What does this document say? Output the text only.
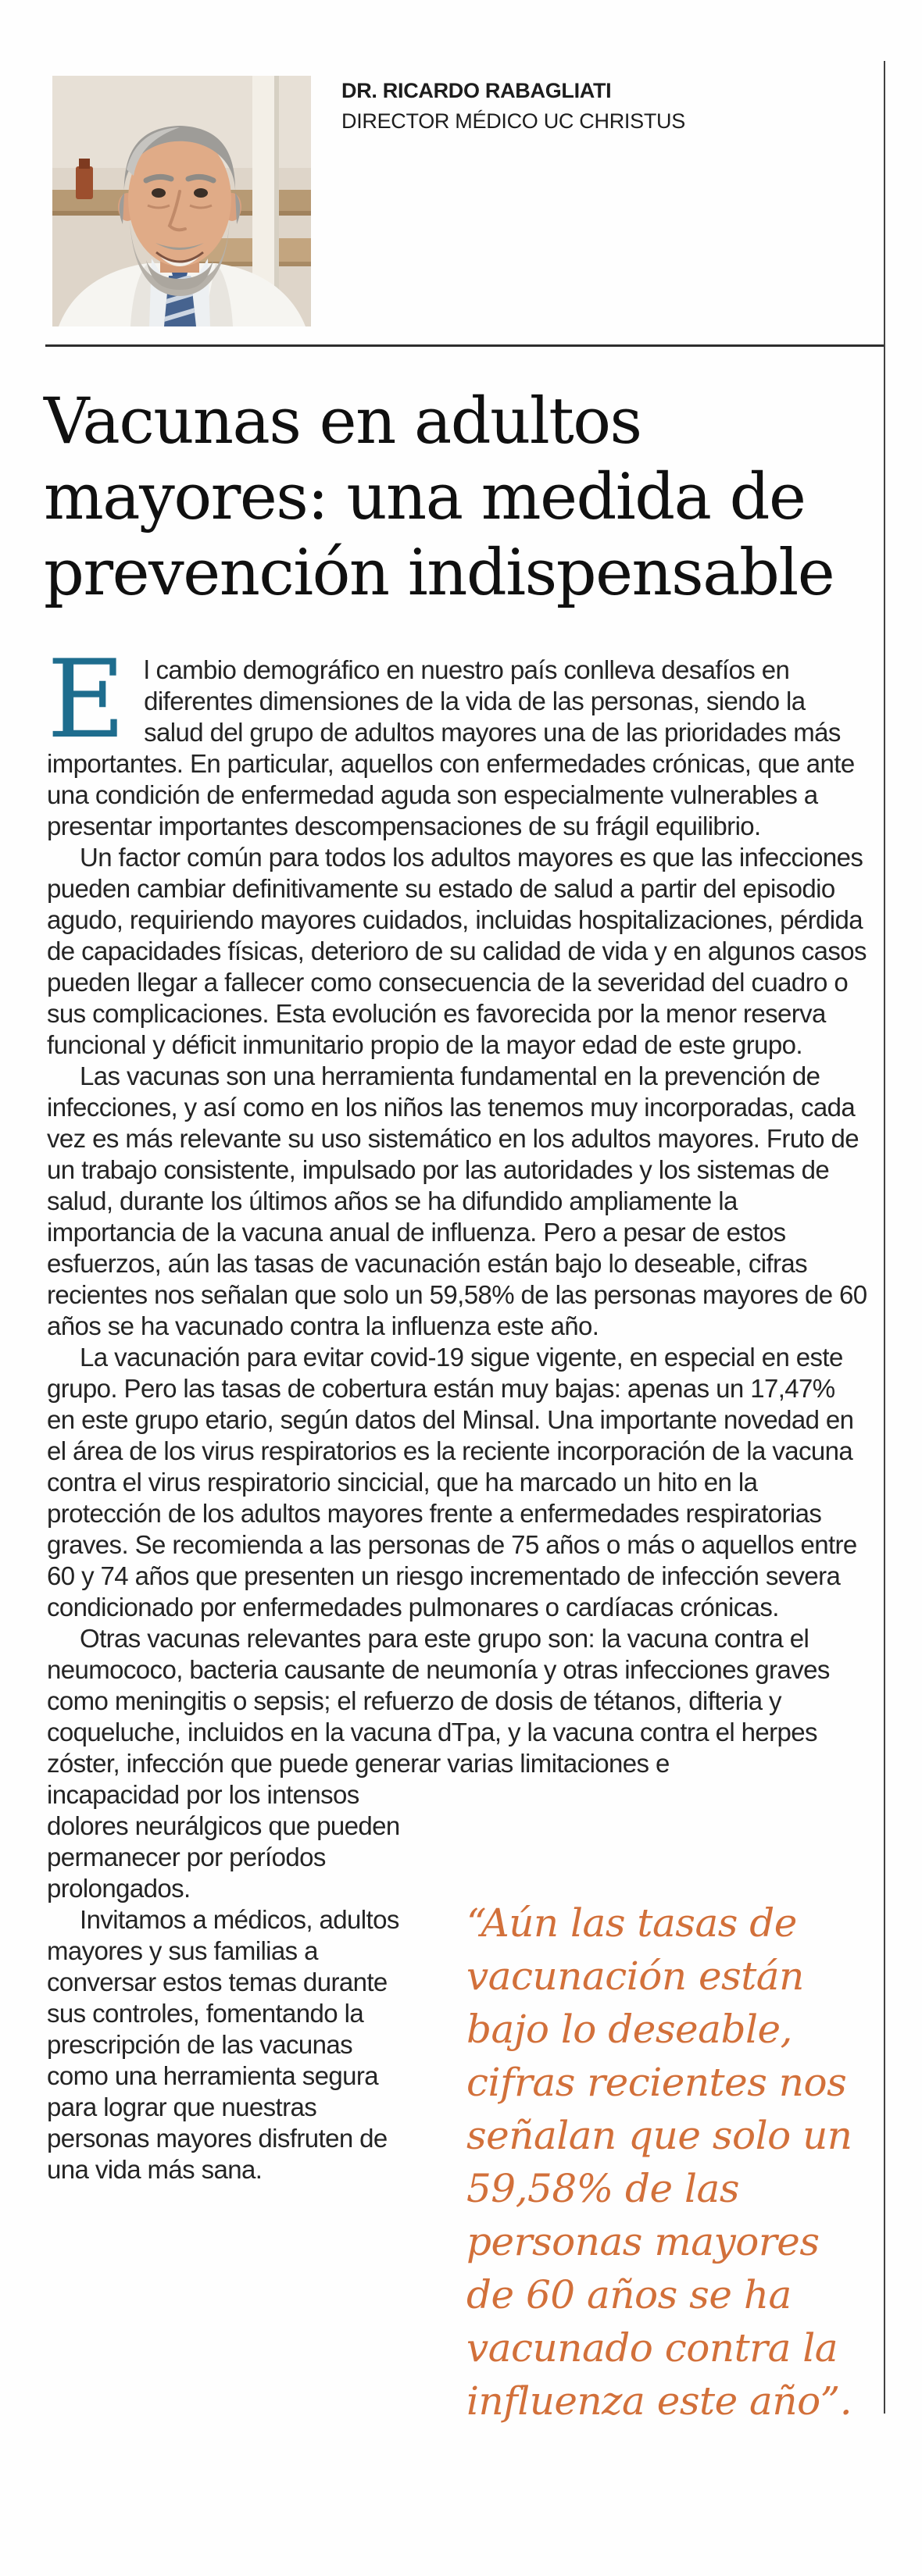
DR. RICARDO RABAGLIATI
DIRECTOR MÉDICO UC CHRISTUS
Vacunas en adultos
mayores: una medida de
prevención indispensable

El cambio demográfico en nuestro país conlleva desafíos en diferentes dimensiones de la vida de las personas, siendo la salud del grupo de adultos mayores una de las prioridades más importantes. En particular, aquellos con enfermedades crónicas, que ante una condición de enfermedad aguda son especialmente vulnerables a presentar importantes descompensaciones de su frágil equilibrio.

Un factor común para todos los adultos mayores es que las infecciones pueden cambiar definitivamente su estado de salud a partir del episodio agudo, requiriendo mayores cuidados, incluidas hospitalizaciones, pérdida de capacidades físicas, deterioro de su calidad de vida y en algunos casos pueden llegar a fallecer como consecuencia de la severidad del cuadro o sus complicaciones. Esta evolución es favorecida por la menor reserva funcional y déficit inmunitario propio de la mayor edad de este grupo.

Las vacunas son una herramienta fundamental en la prevención de infecciones, y así como en los niños las tenemos muy incorporadas, cada vez es más relevante su uso sistemático en los adultos mayores. Fruto de un trabajo consistente, impulsado por las autoridades y los sistemas de salud, durante los últimos años se ha difundido ampliamente la importancia de la vacuna anual de influenza. Pero a pesar de estos esfuerzos, aún las tasas de vacunación están bajo lo deseable, cifras recientes nos señalan que solo un 59,58% de las personas mayores de 60 años se ha vacunado contra la influenza este año.

La vacunación para evitar covid-19 sigue vigente, en especial en este grupo. Pero las tasas de cobertura están muy bajas: apenas un 17,47% en este grupo etario, según datos del Minsal. Una importante novedad en el área de los virus respiratorios es la reciente incorporación de la vacuna contra el virus respiratorio sincicial, que ha marcado un hito en la protección de los adultos mayores frente a enfermedades respiratorias graves. Se recomienda a las personas de 75 años o más o aquellos entre 60 y 74 años que presenten un riesgo incrementado de infección severa condicionado por enfermedades pulmonares o cardíacas crónicas.

Otras vacunas relevantes para este grupo son: la vacuna contra el neumococo, bacteria causante de neumonía y otras infecciones graves como meningitis o sepsis; el refuerzo de dosis de tétanos, difteria y coqueluche, incluidos en la vacuna dTpa, y la vacuna contra el herpes zóster, infección que puede generar varias limitaciones e

incapacidad por los intensos dolores neurálgicos que pueden permanecer por períodos prolongados.

Invitamos a médicos, adultos mayores y sus familias a conversar estos temas durante sus controles, fomentando la prescripción de las vacunas como una herramienta segura para lograr que nuestras personas mayores disfruten de una vida más sana.

“Aún las tasas de vacunación están bajo lo deseable, cifras recientes nos señalan que solo un 59,58% de las personas mayores de 60 años se ha vacunado contra la influenza este año”.
